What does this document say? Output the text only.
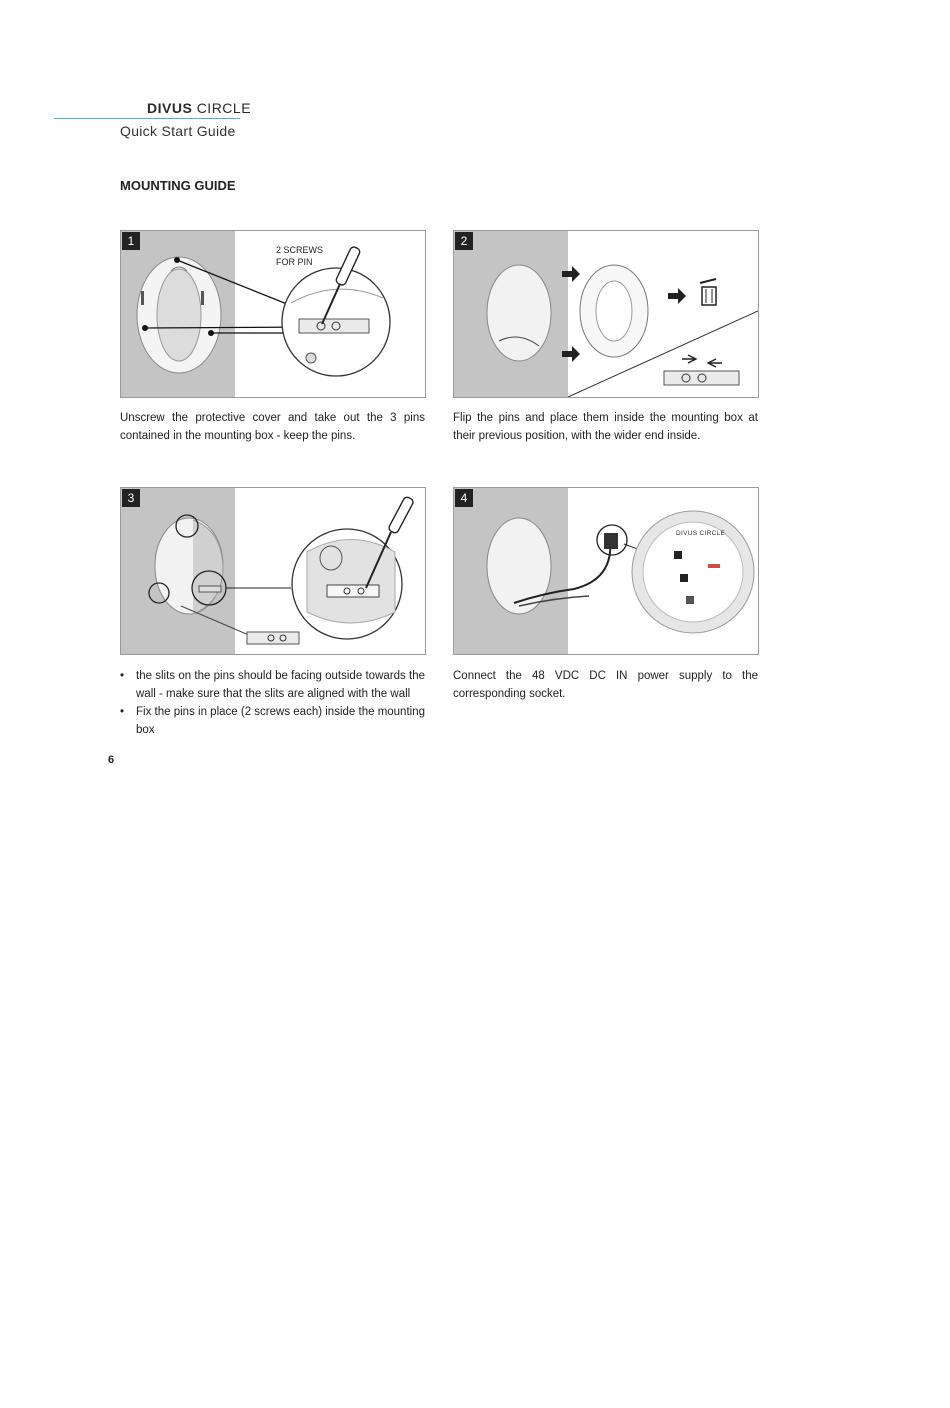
DIVUS CIRCLE
Quick Start Guide
MOUNTING GUIDE
1
2 SCREWS
FOR PIN
Unscrew the protective cover and take out the 3 pins contained in the mounting box - keep the pins.
2
Flip the pins and place them inside the mounting box at their previous position, with the wider end inside.
3
• the slits on the pins should be facing outside towards the wall - make sure that the slits are aligned with the wall
• Fix the pins in place (2 screws each) inside the mounting box
4
DIVUS CIRCLE
Connect the 48 VDC DC IN power supply to the corresponding socket.
6
